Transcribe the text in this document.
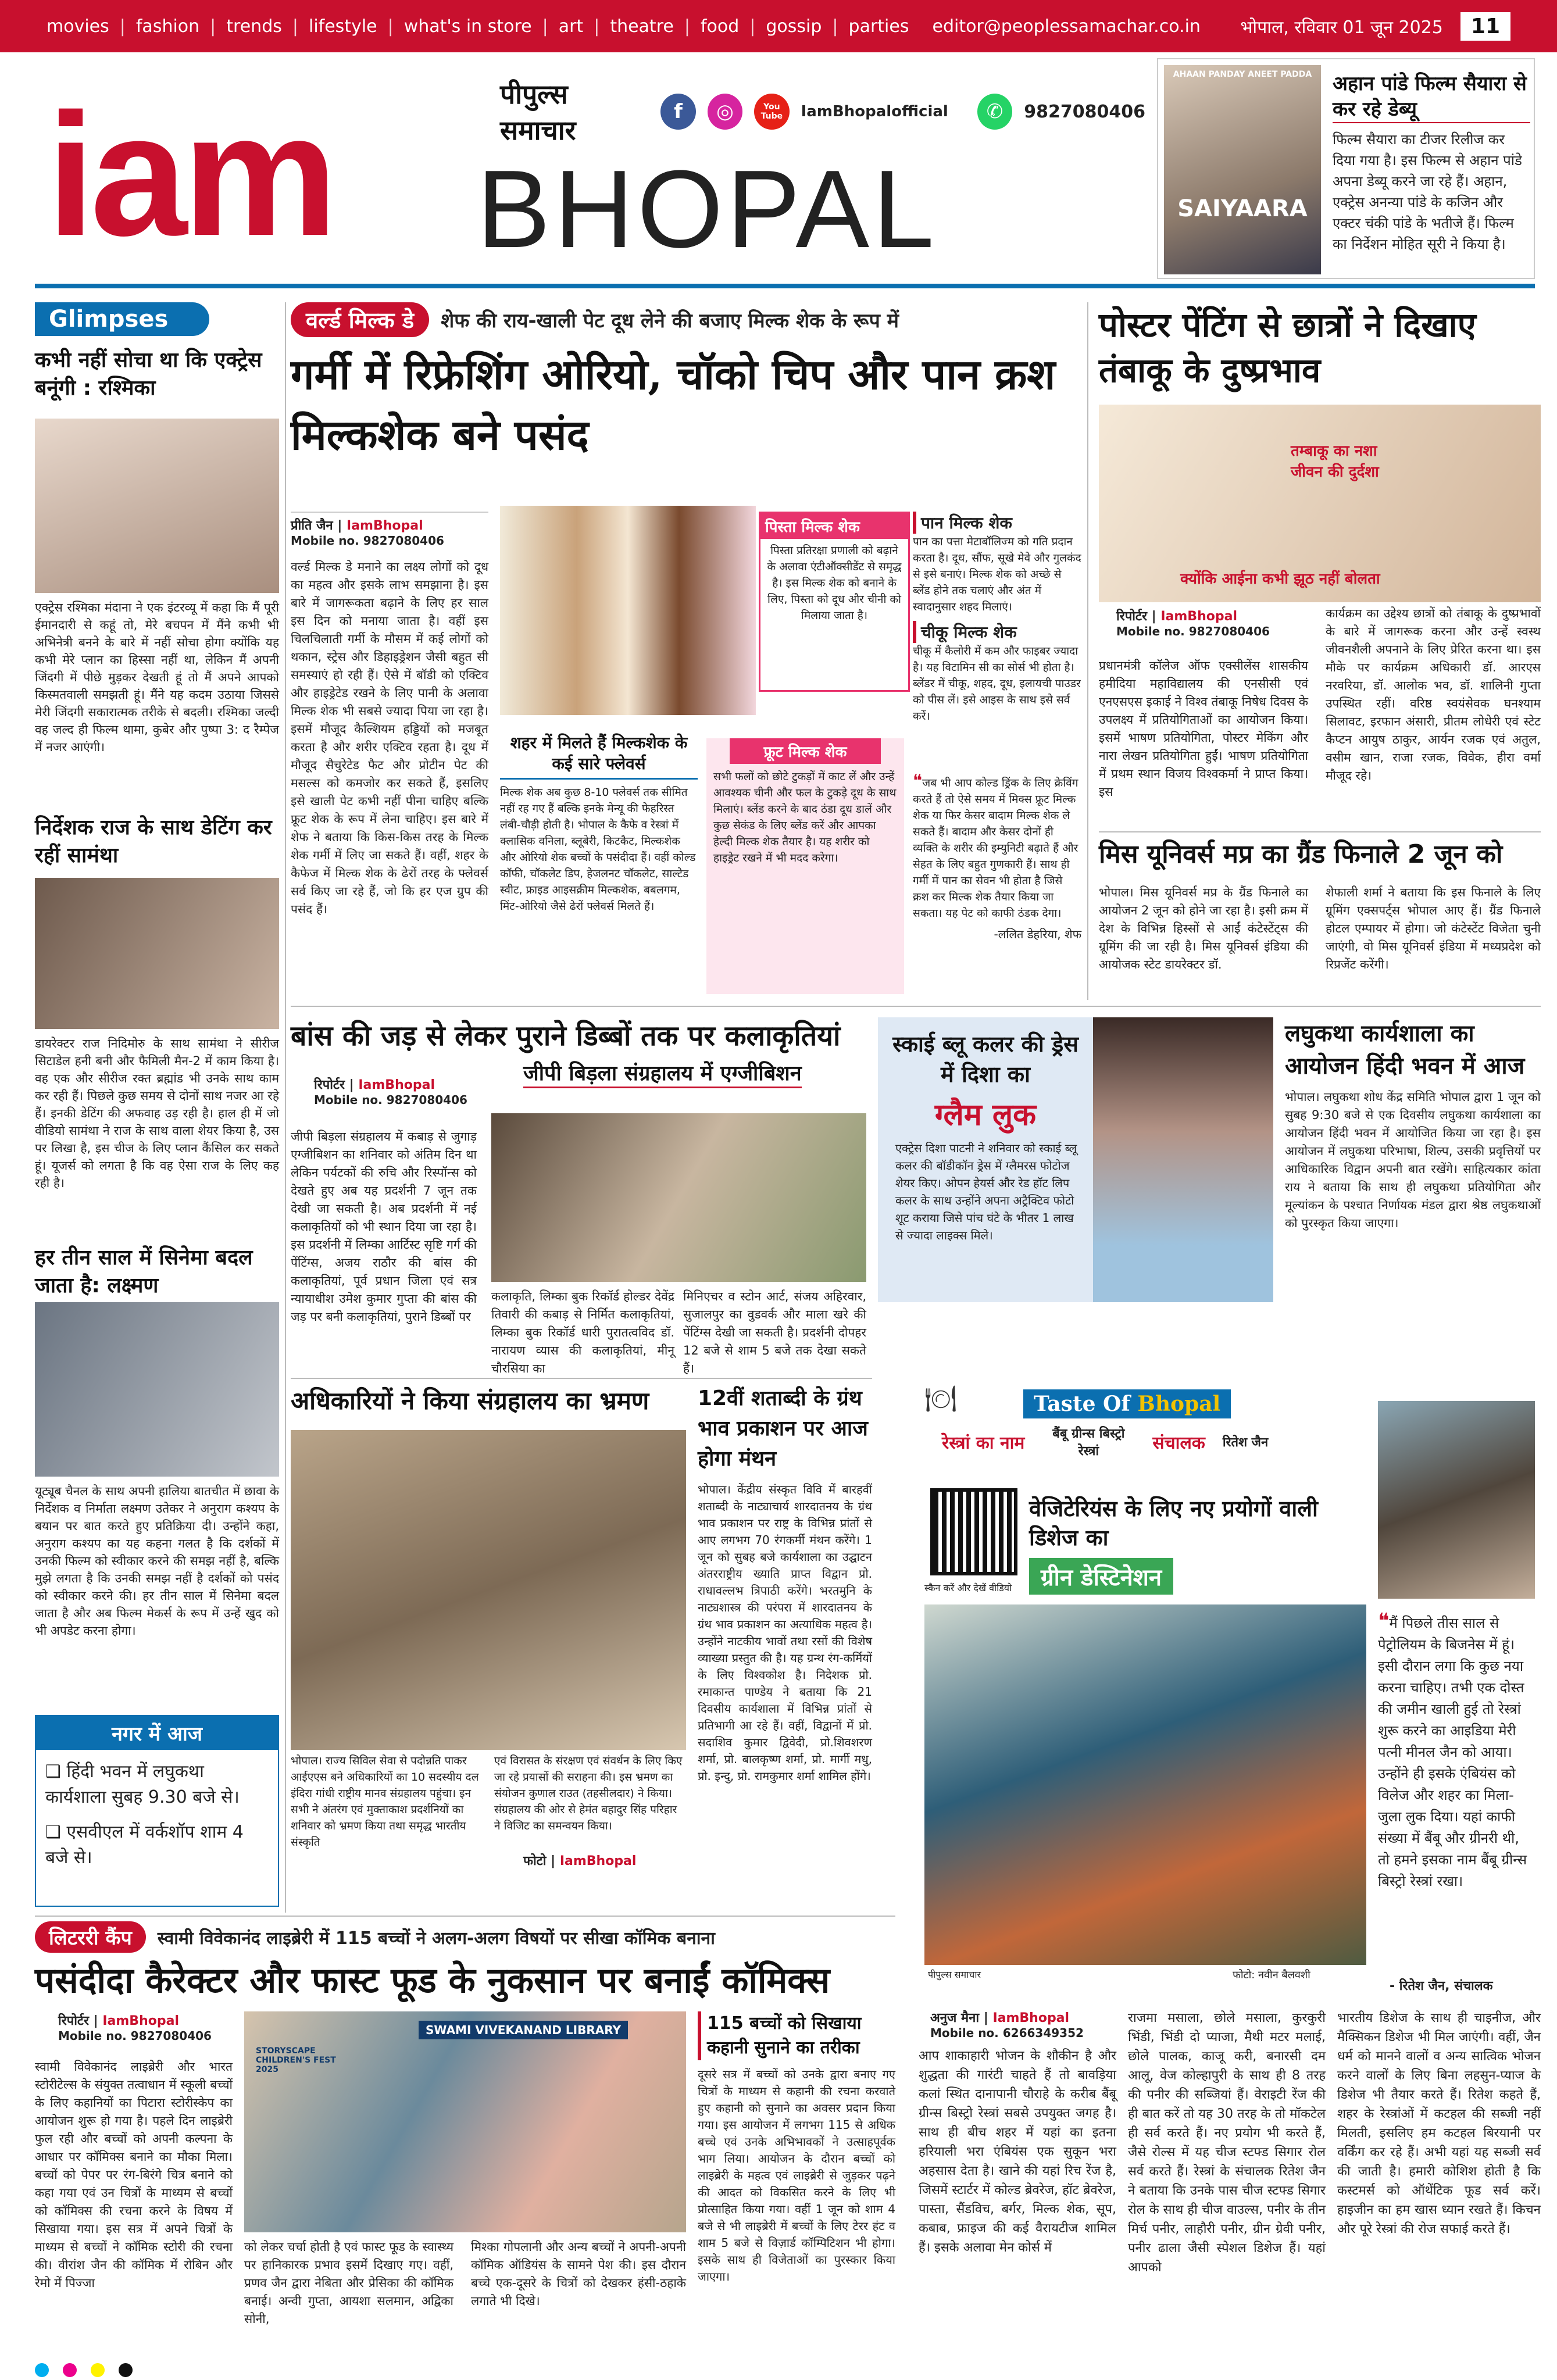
movies | fashion | trends | lifestyle | what's in store | art | theatre | food | gossip | parties editor@peoplessamachar.co.in भोपाल, रविवार 01 जून 2025	11
iam BHOPAL
पीपुल्स समाचार
f	◎	You Tube	IamBhopalofficial	✆	9827080406
AHAAN PANDAY ANEET PADDA
SAIYAARA
अहान पांडे फिल्म सैयारा से कर रहे डेब्यू

फिल्म सैयारा का टीजर रिलीज कर दिया गया है। इस फिल्म से अहान पांडे अपना डेब्यू करने जा रहे हैं। अहान, एक्ट्रेस अनन्या पांडे के कजिन और एक्टर चंकी पांडे के भतीजे हैं। फिल्म का निर्देशन मोहित सूरी ने किया है।

Glimpses
कभी नहीं सोचा था कि एक्ट्रेस बनूंगी : रश्मिका
एक्ट्रेस रश्मिका मंदाना ने एक इंटरव्यू में कहा कि मैं पूरी ईमानदारी से कहूं तो, मेरे बचपन में मैंने कभी भी अभिनेत्री बनने के बारे में नहीं सोचा होगा क्योंकि यह कभी मेरे प्लान का हिस्सा नहीं था, लेकिन मैं अपनी जिंदगी में पीछे मुड़कर देखती हूं तो मैं अपने आपको किस्मतवाली समझती हूं। मैंने यह कदम उठाया जिससे मेरी जिंदगी सकारात्मक तरीके से बदली। रश्मिका जल्दी वह जल्द ही फिल्म थामा, कुबेर और पुष्पा 3: द रैम्पेज में नजर आएंगी।
निर्देशक राज के साथ डेटिंग कर रहीं सामंथा
डायरेक्टर राज निदिमोरु के साथ सामंथा ने सीरीज सिटाडेल हनी बनी और फैमिली मैन-2 में काम किया है। वह एक और सीरीज रक्त ब्रह्मांड भी उनके साथ काम कर रही हैं। पिछले कुछ समय से दोनों साथ नजर आ रहे हैं। इनकी डेटिंग की अफवाह उड़ रही है। हाल ही में जो वीडियो सामंथा ने राज के साथ वाला शेयर किया है, उस पर लिखा है, इस चीज के लिए प्लान कैंसिल कर सकते हूं। यूजर्स को लगता है कि वह ऐसा राज के लिए कह रही है।
हर तीन साल में सिनेमा बदल जाता है: लक्ष्मण
यूट्यूब चैनल के साथ अपनी हालिया बातचीत में छावा के निर्देशक व निर्माता लक्ष्मण उतेकर ने अनुराग कश्यप के बयान पर बात करते हुए प्रतिक्रिया दी। उन्होंने कहा, अनुराग कश्यप का यह कहना गलत है कि दर्शकों में उनकी फिल्म को स्वीकार करने की समझ नहीं है, बल्कि मुझे लगता है कि उनकी समझ नहीं है दर्शकों को पसंद को स्वीकार करने की। हर तीन साल में सिनेमा बदल जाता है और अब फिल्म मेकर्स के रूप में उन्हें खुद को भी अपडेट करना होगा।
नगर में आज
❑ हिंदी भवन में लघुकथा कार्यशाला सुबह 9.30 बजे से।
❑ एसवीएल में वर्कशॉप शाम 4 बजे से।
वर्ल्ड मिल्क डे	शेफ की राय-खाली पेट दूध लेने की बजाए मिल्क शेक के रूप में
गर्मी में रिफ्रेशिंग ओरियो, चॉको चिप और पान क्रश मिल्कशेक बने पसंद
प्रीति जैन | IamBhopal
Mobile no. 9827080406
वर्ल्ड मिल्क डे मनाने का लक्ष्य लोगों को दूध का महत्व और इसके लाभ समझाना है। इस बारे में जागरूकता बढ़ाने के लिए हर साल इस दिन को मनाया जाता है। वहीं इस चिलचिलाती गर्मी के मौसम में कई लोगों को थकान, स्ट्रेस और डिहाइड्रेशन जैसी बहुत सी समस्याएं हो रही हैं। ऐसे में बॉडी को एक्टिव और हाइड्रेटेड रखने के लिए पानी के अलावा मिल्क शेक भी सबसे ज्यादा पिया जा रहा है। इसमें मौजूद कैल्शियम हड्डियों को मजबूत करता है और शरीर एक्टिव रहता है। दूध में मौजूद सैचुरेटेड फैट और प्रोटीन पेट की मसल्स को कमजोर कर सकते हैं, इसलिए इसे खाली पेट कभी नहीं पीना चाहिए बल्कि फ्रूट शेक के रूप में लेना चाहिए। इस बारे में शेफ ने बताया कि किस-किस तरह के मिल्क शेक गर्मी में लिए जा सकते हैं। वहीं, शहर के कैफेज में मिल्क शेक के ढेरों तरह के फ्लेवर्स सर्व किए जा रहे हैं, जो कि हर एज ग्रुप की पसंद हैं।
पिस्ता मिल्क शेक
पिस्ता प्रतिरक्षा प्रणाली को बढ़ाने के अलावा एंटीऑक्सीडेंट से समृद्ध है। इस मिल्क शेक को बनाने के लिए, पिस्ता को दूध और चीनी को मिलाया जाता है।
पान मिल्क शेक
पान का पत्ता मेटाबॉलिज्म को गति प्रदान करता है। दूध, सौंफ, सूखे मेवे और गुलकंद से इसे बनाएं। मिल्क शेक को अच्छे से ब्लेंड होने तक चलाएं और अंत में स्वादानुसार शहद मिलाएं।
चीकू मिल्क शेक
चीकू में कैलोरी में कम और फाइबर ज्यादा है। यह विटामिन सी का सोर्स भी होता है। ब्लेंडर में चीकू, शहद, दूध, इलायची पाउडर को पीस लें। इसे आइस के साथ इसे सर्व करें।
शहर में मिलते हैं मिल्कशेक के कई सारे फ्लेवर्स
मिल्क शेक अब कुछ 8-10 फ्लेवर्स तक सीमित नहीं रह गए हैं बल्कि इनके मेन्यू की फेहरिस्त लंबी-चौड़ी होती है। भोपाल के कैफे व रेस्त्रां में क्लासिक वनिला, ब्लूबेरी, किटकैट, मिल्कशेक और ओरियो शेक बच्चों के पसंदीदा हैं। वहीं कोल्ड कॉफी, चॉकलेट डिप, हेजलनट चॉकलेट, साल्टेड स्वीट, फ्राइड आइसक्रीम मिल्कशेक, बबलगम, मिंट-ओरियो जैसे ढेरों फ्लेवर्स मिलते हैं।
फ्रूट मिल्क शेक
सभी फलों को छोटे टुकड़ों में काट लें और उन्हें आवश्यक चीनी और फल के टुकड़े दूध के साथ मिलाएं। ब्लेंड करने के बाद ठंडा दूध डालें और कुछ सेकंड के लिए ब्लेंड करें और आपका हेल्दी मिल्क शेक तैयार है। यह शरीर को हाइड्रेट रखने में भी मदद करेगा।
❝जब भी आप कोल्ड ड्रिंक के लिए क्रेविंग करते हैं तो ऐसे समय में मिक्स फ्रूट मिल्क शेक या फिर केसर बादाम मिल्क शेक ले सकते हैं। बादाम और केसर दोनों ही व्यक्ति के शरीर की इम्युनिटी बढ़ाते हैं और सेहत के लिए बहुत गुणकारी हैं। साथ ही गर्मी में पान का सेवन भी होता है जिसे क्रश कर मिल्क शेक तैयार किया जा सकता। यह पेट को काफी ठंडक देगा।
-ललित डेहरिया, शेफ
पोस्टर पेंटिंग से छात्रों ने दिखाए तंबाकू के दुष्प्रभाव
तम्बाकू का नशा जीवन की दुर्दशा
क्योंकि आईना कभी झूठ नहीं बोलता
रिपोर्टर | IamBhopal
Mobile no. 9827080406
प्रधानमंत्री कॉलेज ऑफ एक्सीलेंस शासकीय हमीदिया महाविद्यालय की एनसीसी एवं एनएसएस इकाई ने विश्व तंबाकू निषेध दिवस के उपलक्ष्य में प्रतियोगिताओं का आयोजन किया। इसमें भाषण प्रतियोगिता, पोस्टर मेकिंग और नारा लेखन प्रतियोगिता हुईं। भाषण प्रतियोगिता में प्रथम स्थान विजय विश्वकर्मा ने प्राप्त किया। इस
कार्यक्रम का उद्देश्य छात्रों को तंबाकू के दुष्प्रभावों के बारे में जागरूक करना और उन्हें स्वस्थ जीवनशैली अपनाने के लिए प्रेरित करना था। इस मौके पर कार्यक्रम अधिकारी डॉ. आरएस नरवरिया, डॉ. आलोक भव, डॉ. शालिनी गुप्ता उपस्थित रहीं। वरिष्ठ स्वयंसेवक घनश्याम सिलावट, इरफान अंसारी, प्रीतम लोधेरी एवं स्टेट कैप्टन आयुष ठाकुर, आर्यन रजक एवं अतुल, वसीम खान, राजा रजक, विवेक, हीरा वर्मा मौजूद रहे।
मिस यूनिवर्स मप्र का ग्रैंड फिनाले 2 जून को
भोपाल। मिस यूनिवर्स मप्र के ग्रैंड फिनाले का आयोजन 2 जून को होने जा रहा है। इसी क्रम में देश के विभिन्न हिस्सों से आईं कंटेस्टेंट्स की ग्रूमिंग की जा रही है। मिस यूनिवर्स इंडिया की आयोजक स्टेट डायरेक्टर डॉ.
शेफाली शर्मा ने बताया कि इस फिनाले के लिए ग्रूमिंग एक्सपर्ट्स भोपाल आए हैं। ग्रैंड फिनाले होटल एम्पायर में होगा। जो कंटेस्टेंट विजेता चुनी जाएंगी, वो मिस यूनिवर्स इंडिया में मध्यप्रदेश को रिप्रजेंट करेंगी।
बांस की जड़ से लेकर पुराने डिब्बों तक पर कलाकृतियां
जीपी बिड़ला संग्रहालय में एग्जीबिशन
रिपोर्टर | IamBhopal
Mobile no. 9827080406
जीपी बिड़ला संग्रहालय में कबाड़ से जुगाड़ एग्जीबिशन का शनिवार को अंतिम दिन था लेकिन पर्यटकों की रुचि और रिस्पॉन्स को देखते हुए अब यह प्रदर्शनी 7 जून तक देखी जा सकती है। अब प्रदर्शनी में नई कलाकृतियों को भी स्थान दिया जा रहा है। इस प्रदर्शनी में लिम्का आर्टिस्ट सृष्टि गर्ग की पेंटिंग्स, अजय राठौर की बांस की कलाकृतियां, पूर्व प्रधान जिला एवं सत्र न्यायाधीश उमेश कुमार गुप्ता की बांस की जड़ पर बनी कलाकृतियां, पुराने डिब्बों पर
कलाकृति, लिम्का बुक रिकॉर्ड होल्डर देवेंद्र तिवारी की कबाड़ से निर्मित कलाकृतियां, लिम्का बुक रिकॉर्ड धारी पुरातत्वविद डॉ. नारायण व्यास की कलाकृतियां, मीनू चौरसिया का
मिनिएचर व स्टोन आर्ट, संजय अहिरवार, सुजालपुर का वुडवर्क और माला खरे की पेंटिंग्स देखी जा सकती है। प्रदर्शनी दोपहर 12 बजे से शाम 5 बजे तक देखा सकते हैं।
स्काई ब्लू कलर की ड्रेस में दिशा का
ग्लैम लुक
एक्ट्रेस दिशा पाटनी ने शनिवार को स्काई ब्लू कलर की बॉडीकॉन ड्रेस में ग्लैमरस फोटोज शेयर किए। ओपन हेयर्स और रेड हॉट लिप कलर के साथ उन्होंने अपना अट्रैक्टिव फोटो शूट कराया जिसे पांच घंटे के भीतर 1 लाख से ज्यादा लाइक्स मिले।
लघुकथा कार्यशाला का आयोजन हिंदी भवन में आज
भोपाल। लघुकथा शोध केंद्र समिति भोपाल द्वारा 1 जून को सुबह 9:30 बजे से एक दिवसीय लघुकथा कार्यशाला का आयोजन हिंदी भवन में आयोजित किया जा रहा है। इस आयोजन में लघुकथा परिभाषा, शिल्प, उसकी प्रवृत्तियों पर आधिकारिक विद्वान अपनी बात रखेंगे। साहित्यकार कांता राय ने बताया कि साथ ही लघुकथा प्रतियोगिता और मूल्यांकन के पश्चात निर्णायक मंडल द्वारा श्रेष्ठ लघुकथाओं को पुरस्कृत किया जाएगा।
अधिकारियों ने किया संग्रहालय का भ्रमण
भोपाल। राज्य सिविल सेवा से पदोन्नति पाकर आईएएस बने अधिकारियों का 10 सदस्यीय दल इंदिरा गांधी राष्ट्रीय मानव संग्रहालय पहुंचा। इन सभी ने अंतरंग एवं मुक्ताकाश प्रदर्शनियों का शनिवार को भ्रमण किया तथा समृद्ध भारतीय संस्कृति
एवं विरासत के संरक्षण एवं संवर्धन के लिए किए जा रहे प्रयासों की सराहना की। इस भ्रमण का संयोजन कुणाल राउत (तहसीलदार) ने किया। संग्रहालय की ओर से हेमंत बहादुर सिंह परिहार ने विजिट का समन्वयन किया।
फोटो | IamBhopal
12वीं शताब्दी के ग्रंथ भाव प्रकाशन पर आज होगा मंथन
भोपाल। केंद्रीय संस्कृत विवि में बारहवीं शताब्दी के नाट्याचार्य शारदातनय के ग्रंथ भाव प्रकाशन पर राष्ट्र के विभिन्न प्रांतों से आए लगभग 70 रंगकर्मी मंथन करेंगे। 1 जून को सुबह बजे कार्यशाला का उद्घाटन अंतरराष्ट्रीय ख्याति प्राप्त विद्वान प्रो. राधावल्लभ त्रिपाठी करेंगे। भरतमुनि के नाट्यशास्त्र की परंपरा में शारदातनय के ग्रंथ भाव प्रकाशन का अत्याधिक महत्व है। उन्होंने नाटकीय भावों तथा रसों की विशेष व्याख्या प्रस्तुत की है। यह ग्रन्थ रंग-कर्मियों के लिए विश्वकोश है। निदेशक प्रो. रमाकान्त पाण्डेय ने बताया कि 21 दिवसीय कार्यशाला में विभिन्न प्रांतों से प्रतिभागी आ रहे हैं। वहीं, विद्वानों में प्रो. सदाशिव कुमार द्विवेदी, प्रो.शिवशरण शर्मा, प्रो. बालकृष्ण शर्मा, प्रो. मार्गी मधु, प्रो. इन्दु, प्रो. रामकुमार शर्मा शामिल होंगे।
🍽	Taste Of Bhopal
रेस्त्रां का नाम	बैंबू ग्रीन्स बिस्ट्रो रेस्त्रां	संचालक रितेश जैन
स्कैन करें और देखें वीडियो
वेजिटेरियंस के लिए नए प्रयोगों वाली डिशेज का
ग्रीन डेस्टिनेशन
पीपुल्स समाचार	फोटो: नवीन बैलवशी
❝मैं पिछले तीस साल से पेट्रोलियम के बिजनेस में हूं। इसी दौरान लगा कि कुछ नया करना चाहिए। तभी एक दोस्त की जमीन खाली हुई तो रेस्त्रां शुरू करने का आइडिया मेरी पत्नी मीनल जैन को आया। उन्होंने ही इसके एंबियंस को विलेज और शहर का मिला-जुला लुक दिया। यहां काफी संख्या में बैंबू और ग्रीनरी थी, तो हमने इसका नाम बैंबू ग्रीन्स बिस्ट्रो रेस्त्रां रखा।
- रितेश जैन, संचालक
अनुज मैना | IamBhopal
Mobile no. 6266349352
आप शाकाहारी भोजन के शौकीन है और शुद्धता की गारंटी चाहते हैं तो बावड़िया कलां स्थित दानापानी चौराहे के करीब बैंबू ग्रीन्स बिस्ट्रो रेस्त्रां सबसे उपयुक्त जगह है। साथ ही बीच शहर में यहां का इतना हरियाली भरा एंबियंस एक सुकून भरा अहसास देता है। खाने की यहां रिच रेंज है, जिसमें स्टार्टर में कोल्ड ब्रेवरेज, हॉट ब्रेवरेज, पास्ता, सैंडविच, बर्गर, मिल्क शेक, सूप, कबाब, फ्राइज की कई वैरायटीज शामिल हैं। इसके अलावा मेन कोर्स में
राजमा मसाला, छोले मसाला, कुरकुरी भिंडी, भिंडी दो प्याजा, मैथी मटर मलाई, छोले पालक, काजू करी, बनारसी दम आलू, वेज कोल्हापुरी के साथ ही 8 तरह की पनीर की सब्जियां हैं। वेराइटी रेंज की ही बात करें तो यह 30 तरह के तो मॉकटेल ही सर्व करते हैं। नए प्रयोग भी करते हैं, जैसे रोल्स में यह चीज स्टफ्ड सिगार रोल सर्व करते हैं। रेस्त्रां के संचालक रितेश जैन ने बताया कि उनके पास चीज स्टफ्ड सिगार रोल के साथ ही चीज वाउल्स, पनीर के तीन मिर्च पनीर, लाहौरी पनीर, ग्रीन ग्रेवी पनीर, पनीर ढाला जैसी स्पेशल डिशेज हैं। यहां आपको
भारतीय डिशेज के साथ ही चाइनीज, और मैक्सिकन डिशेज भी मिल जाएंगी। वहीं, जैन धर्म को मानने वालों व अन्य सात्विक भोजन करने वालों के लिए बिना लहसुन-प्याज के डिशेज भी तैयार करते हैं। रितेश कहते हैं, शहर के रेस्त्रांओं में कटहल की सब्जी नहीं मिलती, इसलिए हम कटहल बिरयानी पर वर्किंग कर रहे हैं। अभी यहां यह सब्जी सर्व की जाती है। हमारी कोशिश होती है कि कस्टमर्स को ऑथेंटिक फूड सर्व करें। हाइजीन का हम खास ध्यान रखते हैं। किचन और पूरे रेस्त्रां की रोज सफाई करते हैं।
लिटररी कैंप	स्वामी विवेकानंद लाइब्रेरी में 115 बच्चों ने अलग-अलग विषयों पर सीखा कॉमिक बनाना
पसंदीदा कैरेक्टर और फास्ट फूड के नुकसान पर बनाईं कॉमिक्स
रिपोर्टर | IamBhopal
Mobile no. 9827080406
स्वामी विवेकानंद लाइब्रेरी और भारत स्टोरीटेल्स के संयुक्त तत्वाधान में स्कूली बच्चों के लिए कहानियों का पिटारा स्टोरीस्केप का आयोजन शुरू हो गया है। पहले दिन लाइब्रेरी फुल रही और बच्चों को अपनी कल्पना के आधार पर कॉमिक्स बनाने का मौका मिला। बच्चों को पेपर पर रंग-बिरंगे चित्र बनाने को कहा गया एवं उन चित्रों के माध्यम से बच्चों को कॉमिक्स की रचना करने के विषय में सिखाया गया। इस सत्र में अपने चित्रों के माध्यम से बच्चों ने कॉमिक स्टोरी की रचना की। वीरांश जैन की कॉमिक में रोबिन और रेमो में पिज्जा
SWAMI VIVEKANAND LIBRARY
STORYSCAPE CHILDREN'S FEST 2025
को लेकर चर्चा होती है एवं फास्ट फूड के स्वास्थ्य पर हानिकारक प्रभाव इसमें दिखाए गए। वहीं, प्रणव जैन द्वारा नेबिता और प्रेसिका की कॉमिक बनाई। अन्वी गुप्ता, आयशा सलमान, अद्विका सोनी,
मिश्का गोपलानी और अन्य बच्चों ने अपनी-अपनी कॉमिक ऑडियंस के सामने पेश की। इस दौरान बच्चे एक-दूसरे के चित्रों को देखकर हंसी-ठहाके लगाते भी दिखे।
115 बच्चों को सिखाया कहानी सुनाने का तरीका
दूसरे सत्र में बच्चों को उनके द्वारा बनाए गए चित्रों के माध्यम से कहानी की रचना करवाते हुए कहानी को सुनाने का अवसर प्रदान किया गया। इस आयोजन में लगभग 115 से अधिक बच्चे एवं उनके अभिभावकों ने उत्साहपूर्वक भाग लिया। आयोजन के दौरान बच्चों को लाइब्रेरी के महत्व एवं लाइब्रेरी से जुड़कर पढ़ने की आदत को विकसित करने के लिए भी प्रोत्साहित किया गया। वहीं 1 जून को शाम 4 बजे से भी लाइब्रेरी में बच्चों के लिए टेरर हंट व शाम 5 बजे से विज़ार्ड कॉम्पिटिशन भी होगा। इसके साथ ही विजेताओं का पुरस्कार किया जाएगा।
